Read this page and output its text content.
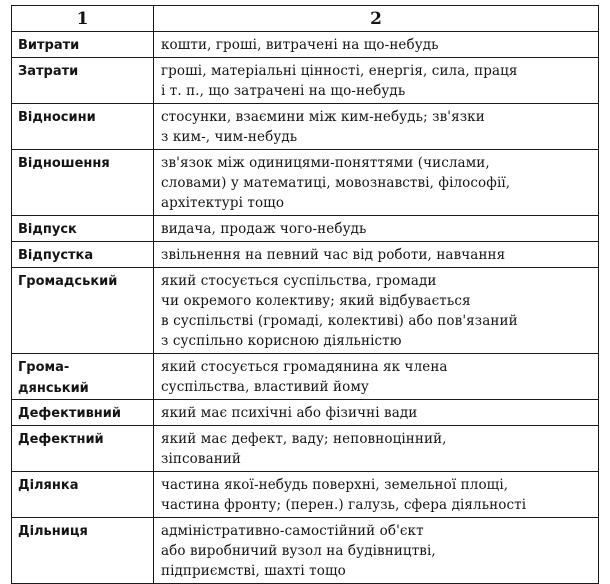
1	2
Витрати	кошти, гроші, витрачені на що-небудь
Затрати	гроші, матеріальні цінності, енергія, сила, праця
і т. п., що затрачені на що-небудь
Відносини	стосунки, взаємини між ким-небудь; зв'язки
з ким-, чим-небудь
Відношення	зв'язок між одиницями-поняттями (числами,
словами) у математиці, мовознавстві, філософії,
архітектурі тощо
Відпуск	видача, продаж чого-небудь
Відпустка	звільнення на певний час від роботи, навчання
Громадський	який стосується суспільства, громади
чи окремого колективу; який відбувається
в суспільстві (громаді, колективі) або пов'язаний
з суспільно корисною діяльністю
Грома-
дянський	який стосується громадянина як члена
суспільства, властивий йому
Дефективний	який має психічні або фізичні вади
Дефектний	який має дефект, ваду; неповноцінний,
зіпсований
Ділянка	частина якої-небудь поверхні, земельної площі,
частина фронту; (перен.) галузь, сфера діяльності
Дільниця	адміністративно-самостійний об'єкт
або виробничий вузол на будівництві,
підприємстві, шахті тощо
